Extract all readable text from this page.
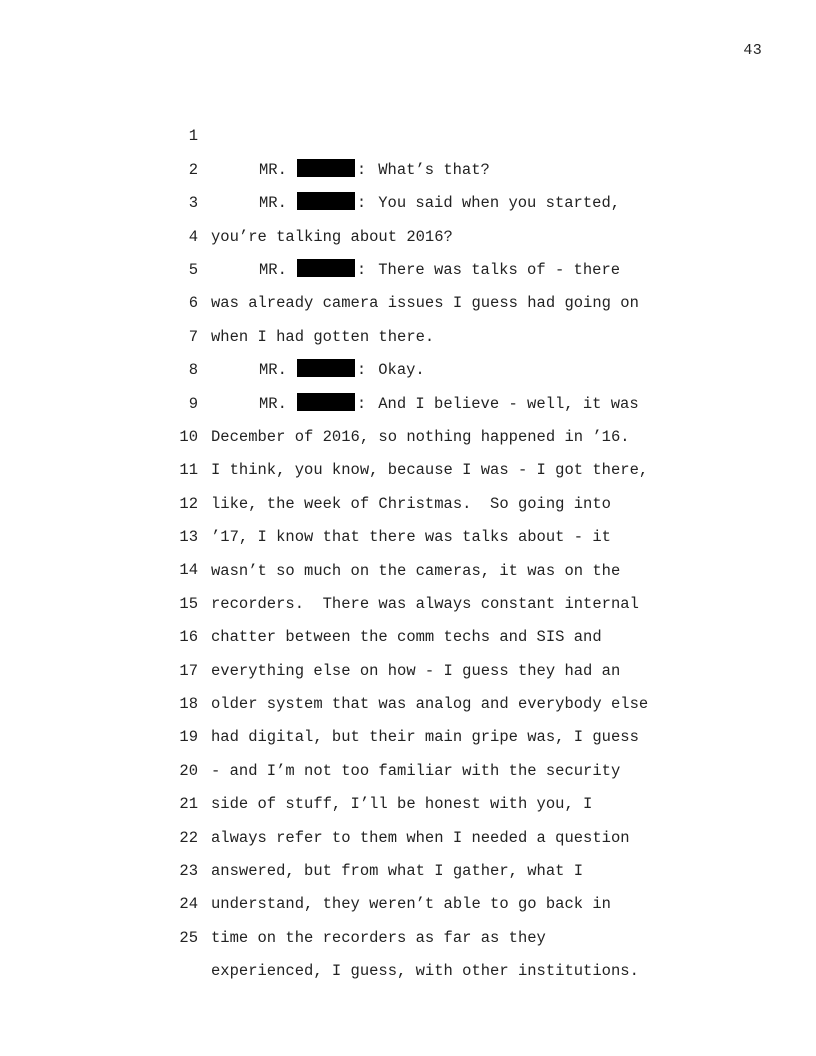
43

1

MR.	: What’s that?

2

MR.	: You said when you started,

3

you’re talking about 2016?

4

MR.	: There was talks of - there

5

was already camera issues I guess had going on

6

when I had gotten there.

7

MR.	: Okay.

8

MR.	: And I believe - well, it was

9

December of 2016, so nothing happened in ’16.

10

I think, you know, because I was - I got there,

11

like, the week of Christmas.  So going into

12

’17, I know that there was talks about - it

13

wasn’t so much on the cameras, it was on the

14

recorders.  There was always constant internal

15

chatter between the comm techs and SIS and

16

everything else on how - I guess they had an

17

older system that was analog and everybody else

18

had digital, but their main gripe was, I guess

19

- and I’m not too familiar with the security

20

side of stuff, I’ll be honest with you, I

21

always refer to them when I needed a question

22

answered, but from what I gather, what I

23

understand, they weren’t able to go back in

24

time on the recorders as far as they

25

experienced, I guess, with other institutions.
